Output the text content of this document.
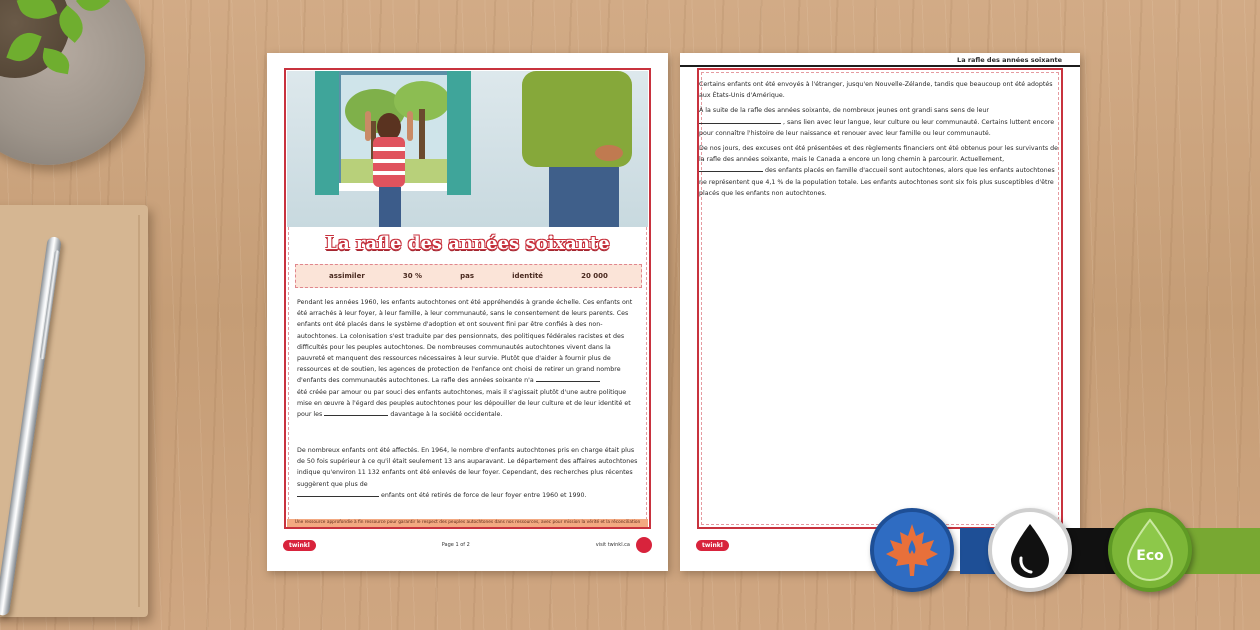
La rafle des années soixante
assimiler	30 %	pas	identité	20 000
Pendant les années 1960, les enfants autochtones ont été appréhendés à grande échelle. Ces enfants ont été arrachés à leur foyer, à leur famille, à leur communauté, sans le consentement de leurs parents. Ces enfants ont été placés dans le système d'adoption et ont souvent fini par être confiés à des non-autochtones. La colonisation s'est traduite par des pensionnats, des politiques fédérales racistes et des difficultés pour les peuples autochtones. De nombreuses communautés autochtones vivent dans la pauvreté et manquent des ressources nécessaires à leur survie. Plutôt que d'aider à fournir plus de ressources et de soutien, les agences de protection de l'enfance ont choisi de retirer un grand nombre d'enfants des communautés autochtones. La rafle des années soixante n'a
été créée par amour ou par souci des enfants autochtones, mais il s'agissait plutôt d'une autre politique mise en œuvre à l'égard des peuples autochtones pour les dépouiller de leur culture et de leur identité et pour les	davantage à la société occidentale.
De nombreux enfants ont été affectés. En 1964, le nombre d'enfants autochtones pris en charge était plus de 50 fois supérieur à ce qu'il était seulement 13 ans auparavant. Le département des affaires autochtones indique qu'environ 11 132 enfants ont été enlevés de leur foyer. Cependant, des recherches plus récentes suggèrent que plus de
enfants ont été retirés de force de leur foyer entre 1960 et 1990.
Une ressource approfondie à fin ressource pour garantir le respect des peuples autochtones dans nos ressources, avec pour mission la vérité et la réconciliation
twinkl	Page 1 of 2	visit twinkl.ca
La rafle des années soixante

Certains enfants ont été envoyés à l'étranger, jusqu'en Nouvelle-Zélande, tandis que beaucoup ont été adoptés aux États-Unis d'Amérique.

À la suite de la rafle des années soixante, de nombreux jeunes ont grandi sans sens de leur
, sans lien avec leur langue, leur culture ou leur communauté. Certains luttent encore pour connaître l'histoire de leur naissance et renouer avec leur famille ou leur communauté.

De nos jours, des excuses ont été présentées et des règlements financiers ont été obtenus pour les survivants de la rafle des années soixante, mais le Canada a encore un long chemin à parcourir. Actuellement,  des enfants placés en famille d'accueil sont autochtones, alors que les enfants autochtones ne représentent que 4,1 % de la population totale. Les enfants autochtones sont six fois plus susceptibles d'être placés que les enfants non autochtones.

twinkl
Eco
